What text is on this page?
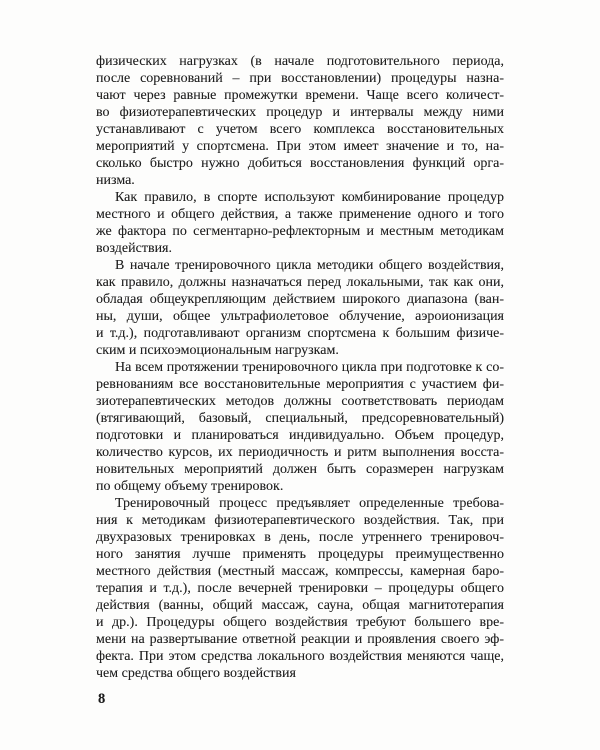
физических нагрузках (в начале подготовительного периода,
после соревнований – при восстановлении) процедуры назна-
чают через равные промежутки времени. Чаще всего количест-
во физиотерапевтических процедур и интервалы между ними
устанавливают с учетом всего комплекса восстановительных
мероприятий у спортсмена. При этом имеет значение и то, на-
сколько быстро нужно добиться восстановления функций орга-
низма.

Как правило, в спорте используют комбинирование процедур
местного и общего действия, а также применение одного и того
же фактора по сегментарно-рефлекторным и местным методикам
воздействия.

В начале тренировочного цикла методики общего воздействия,
как правило, должны назначаться перед локальными, так как они,
обладая общеукрепляющим действием широкого диапазона (ван-
ны, души, общее ультрафиолетовое облучение, аэроионизация
и т.д.), подготавливают организм спортсмена к большим физиче-
ским и психоэмоциональным нагрузкам.

На всем протяжении тренировочного цикла при подготовке к со-
ревнованиям все восстановительные мероприятия с участием фи-
зиотерапевтических методов должны соответствовать периодам
(втягивающий, базовый, специальный, предсоревновательный)
подготовки и планироваться индивидуально. Объем процедур,
количество курсов, их периодичность и ритм выполнения восста-
новительных мероприятий должен быть соразмерен нагрузкам
по общему объему тренировок.

Тренировочный процесс предъявляет определенные требова-
ния к методикам физиотерапевтического воздействия. Так, при
двухразовых тренировках в день, после утреннего тренировоч-
ного занятия лучше применять процедуры преимущественно
местного действия (местный массаж, компрессы, камерная баро-
терапия и т.д.), после вечерней тренировки – процедуры общего
действия (ванны, общий массаж, сауна, общая магнитотерапия
и др.). Процедуры общего воздействия требуют большего вре-
мени на развертывание ответной реакции и проявления своего эф-
фекта. При этом средства локального воздействия меняются чаще,
чем средства общего воздействия

8
